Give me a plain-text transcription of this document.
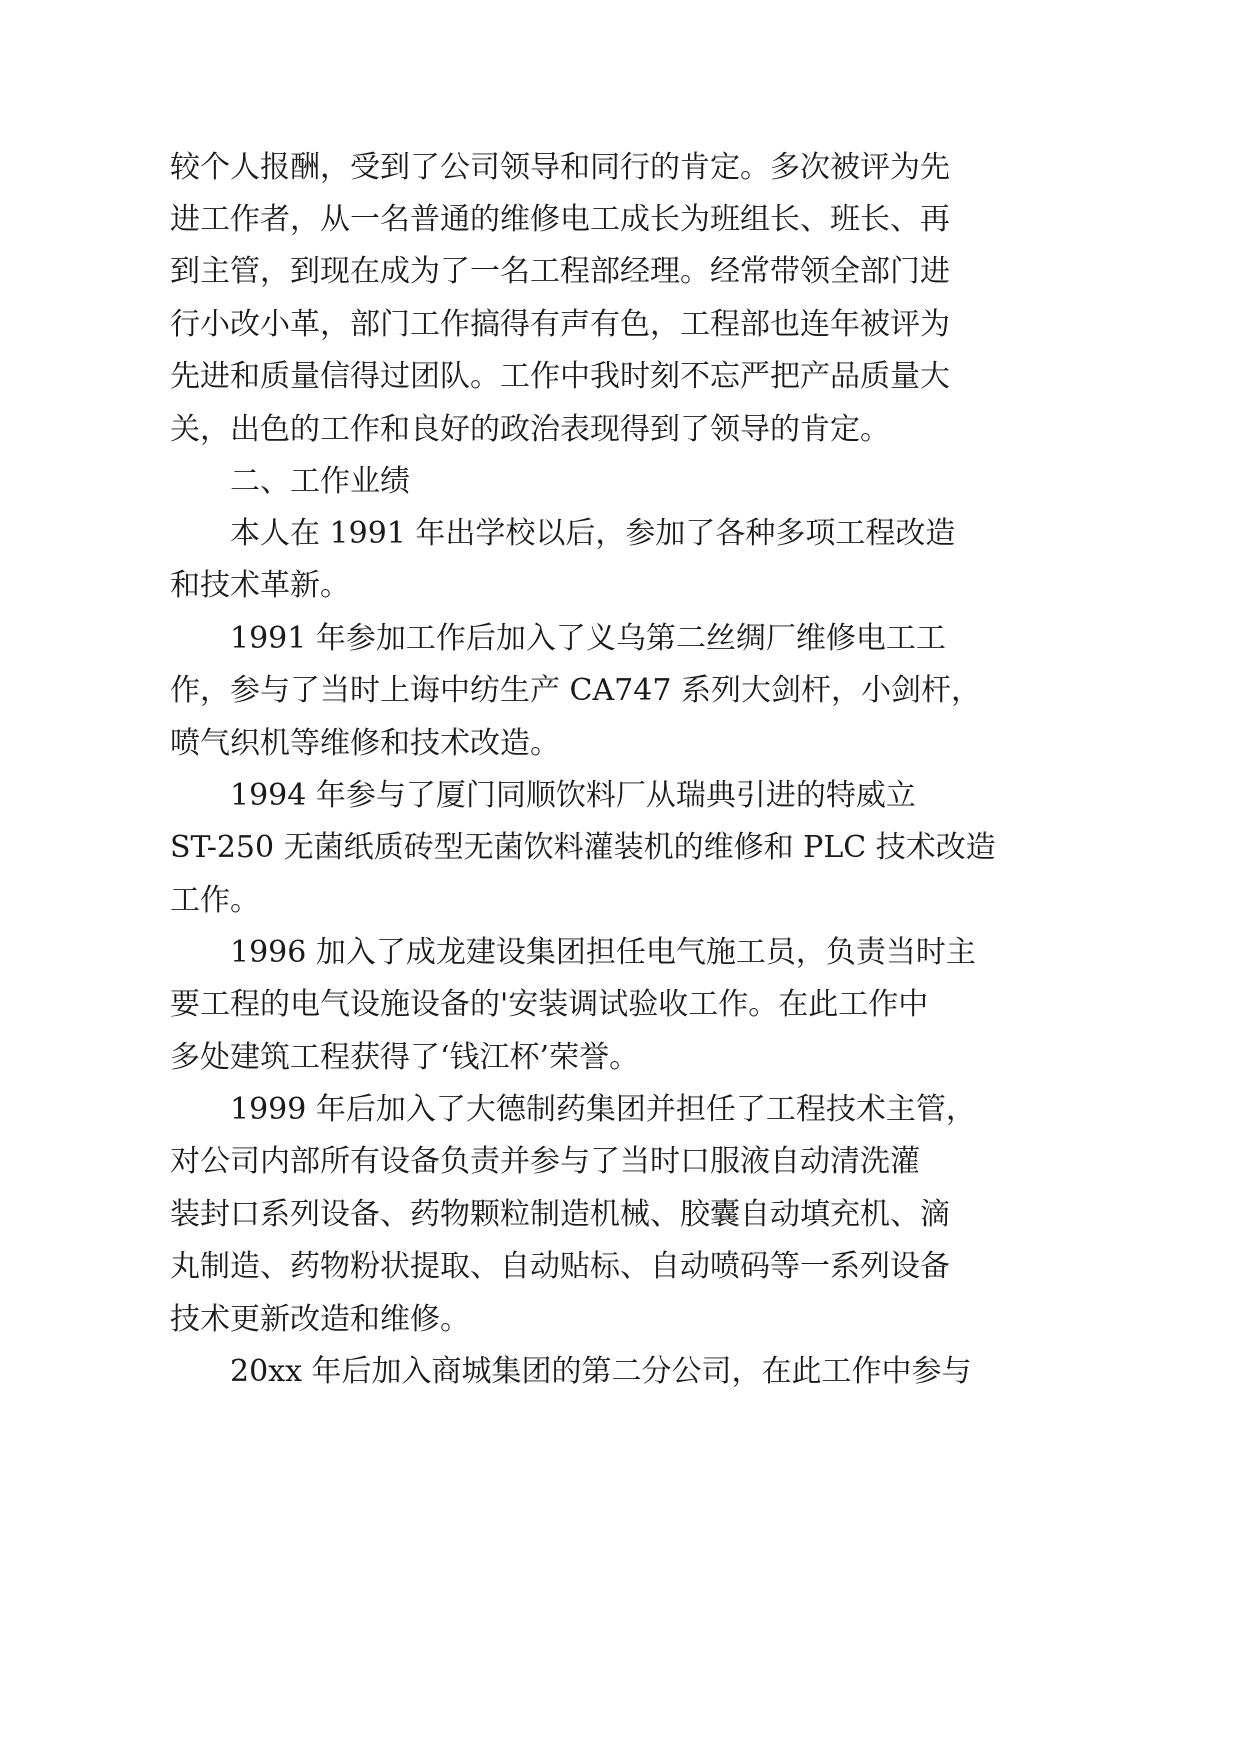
较个人报酬，受到了公司领导和同行的肯定。多次被评为先
进工作者，从一名普通的维修电工成长为班组长、班长、再
到主管，到现在成为了一名工程部经理。经常带领全部门进
行小改小革，部门工作搞得有声有色，工程部也连年被评为
先进和质量信得过团队。工作中我时刻不忘严把产品质量大
关，出色的工作和良好的政治表现得到了领导的肯定。
二、工作业绩
本人在 1991 年出学校以后，参加了各种多项工程改造
和技术革新。
1991 年参加工作后加入了义乌第二丝绸厂维修电工工
作，参与了当时上诲中纺生产 CA747 系列大剑杆，小剑杆，
喷气织机等维修和技术改造。
1994 年参与了厦门同顺饮料厂从瑞典引进的特威立
ST-250 无菌纸质砖型无菌饮料灌装机的维修和 PLC 技术改造
工作。
1996 加入了成龙建设集团担任电气施工员，负责当时主
要工程的电气设施设备的'安装调试验收工作。在此工作中
多处建筑工程获得了‘钱江杯’荣誉。
1999 年后加入了大德制药集团并担任了工程技术主管，
对公司内部所有设备负责并参与了当时口服液自动清洗灌
装封口系列设备、药物颗粒制造机械、胶囊自动填充机、滴
丸制造、药物粉状提取、自动贴标、自动喷码等一系列设备
技术更新改造和维修。
20xx 年后加入商城集团的第二分公司，在此工作中参与
